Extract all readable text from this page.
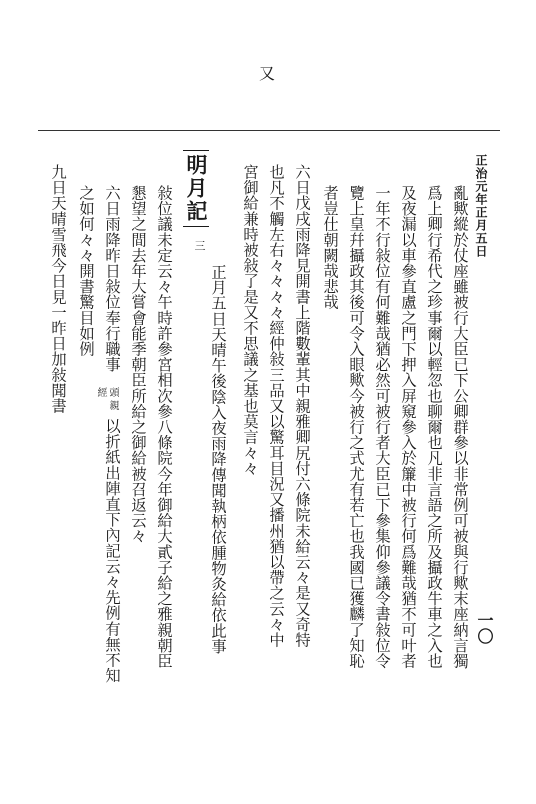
又
正治元年正月五日
一〇
亂歟縱於仗座雖被行大臣已下公卿群參以非常例可被與行歟末座納言獨
爲上卿行希代之珍事爾以輕忽也聊爾也凡非言語之所及攝政牛車之入也
及夜漏以車參直盧之門下押入屏窺參入於簾中被行何爲難哉猶不可叶者
一年不行敍位有何難哉猶必然可被行者大臣已下參集仰參議令書敍位令
覽上皇幷攝政其後可令入眼歟今被行之式尤有若亡也我國已獲麟了知恥
者豈仕朝闕哉悲哉
六日戊戌雨降見開書上階數輩其中親雅卿尻付六條院未給云々是又奇特
也凡不觸左右々々々々經仲敍三品又以驚耳目況又播州猶以帶之云々中
宮御給兼時被敍了是又不思議之基也莫言々々
明月記
三
正月五日天晴午後陰入夜雨降傳聞執柄依腫物灸給依此事
敍位議未定云々午時許參宮相次參八條院今年御給大貳子給之雅親朝臣
懇望之間去年大嘗會能季朝臣所給之御給被召返云々
六日雨降昨日敍位奉行職事
頭
親
經
以折紙出陣直下內記云々先例有無不知
之如何々々開書驚目如例
九日天晴雪飛今日見一昨日加敍聞書
